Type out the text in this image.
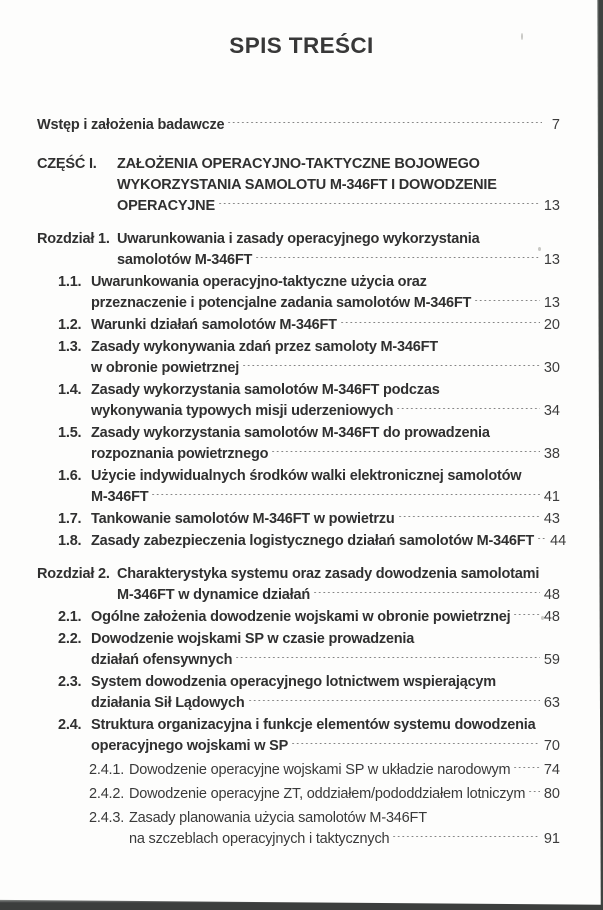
SPIS TREŚCI
Wstęp i założenia badawcze	7
CZĘŚĆ I.	ZAŁOŻENIA OPERACYJNO-TAKTYCZNE BOJOWEGO
WYKORZYSTANIA SAMOLOTU M-346FT I DOWODZENIE
OPERACYJNE	13
Rozdział 1. Uwarunkowania i zasady operacyjnego wykorzystania
samolotów M-346FT	13
1.1. Uwarunkowania operacyjno-taktyczne użycia oraz
przeznaczenie i potencjalne zadania samolotów M-346FT	13
1.2. Warunki działań samolotów M-346FT	20
1.3. Zasady wykonywania zdań przez samoloty M-346FT
w obronie powietrznej	30
1.4. Zasady wykorzystania samolotów M-346FT podczas
wykonywania typowych misji uderzeniowych	34
1.5. Zasady wykorzystania samolotów M-346FT do prowadzenia
rozpoznania powietrznego	38
1.6. Użycie indywidualnych środków walki elektronicznej samolotów
M-346FT	41
1.7. Tankowanie samolotów M-346FT w powietrzu	43
1.8. Zasady zabezpieczenia logistycznego działań samolotów M-346FT 44
Rozdział 2. Charakterystyka systemu oraz zasady dowodzenia samolotami
M-346FT w dynamice działań	48
2.1. Ogólne założenia dowodzenie wojskami w obronie powietrznej 48
2.2. Dowodzenie wojskami SP w czasie prowadzenia
działań ofensywnych	59
2.3. System dowodzenia operacyjnego lotnictwem wspierającym
działania Sił Lądowych	63
2.4. Struktura organizacyjna i funkcje elementów systemu dowodzenia
operacyjnego wojskami w SP	70
2.4.1. Dowodzenie operacyjne wojskami SP w układzie narodowym 74
2.4.2. Dowodzenie operacyjne ZT, oddziałem/pododdziałem lotniczym 80
2.4.3. Zasady planowania użycia samolotów M-346FT
na szczeblach operacyjnych i taktycznych	91
